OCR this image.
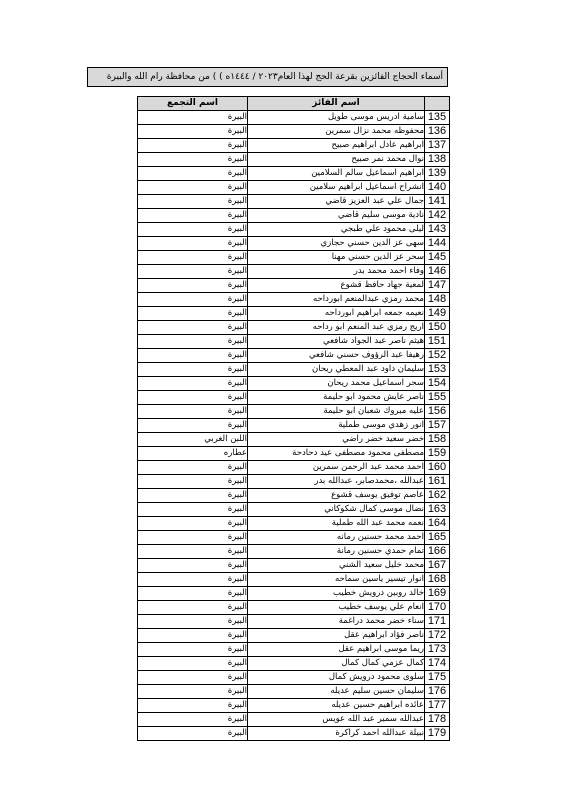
أسماء الحجاج الفائزين بقرعة الحج لهذا العام٢٠٢٣ / ١٤٤٤ه ) ) من محافظة رام الله والبيرة
	اسم الفائز	اسم التجمع
135	سامية ادريس موسى طويل	البيرة
136	محفوظه محمد نزال سمرين	البيرة
137	ابراهيم عادل ابراهيم صبيح	البيرة
138	نوال محمد نمر صبيح	البيرة
139	ابراهيم اسماعيل سالم السلامين	البيرة
140	انشراح اسماعيل ابراهيم سلامين	البيرة
141	جمال علي عبد العزيز قاضي	البيرة
142	نادية موسى سليم قاضي	البيرة
143	ليلى محمود علي طبجي	البيرة
144	سهى عز الدين حسني حجازي	البيرة
145	سحر عز الدين حسني مهنا	البيرة
146	وفاء احمد محمد بدر	البيرة
147	لمعية جهاد حافظ قشوع	البيرة
148	محمد رمزي عبدالمنعم ابورداحه	البيرة
149	نعيمه جمعه ابراهيم ابورداحه	البيرة
150	اريج رمزي عبد المنعم ابو رداحه	البيرة
151	هيثم ناصر عبد الجواد شافعي	البيرة
152	رهيفا عبد الرؤوف حسني شافعي	البيرة
153	سليمان داود عبد المعطي ريحان	البيرة
154	سحر اسماعيل محمد ريحان	البيرة
155	ناصر عايش محمود ابو حليمة	البيرة
156	عليه مبروك شعبان ابو حليمة	البيرة
157	انور زهدي موسى طملية	البيرة
158	خضر سعيد خضر راضي	اللبن الغربي
159	مصطفى محمود مصطفى عيد دحادحة	عطاره
160	احمد محمد عبد الرحمن سمرين	البيرة
161	عبدالله ،محمدصابر، عبدالله بدر	البيرة
162	عاصم توفيق يوسف قشوع	البيرة
163	نضال موسى كمال شكوكاني	البيرة
164	نعمه محمد عبد الله طملية	البيرة
165	احمد محمد حسنين رمانه	البيرة
166	تمام حمدي حسنين رمانة	البيرة
167	محمد خليل سعيد الشني	البيرة
168	انوار تيسير ياسين سماحه	البيرة
169	خالد روبين درويش خطيب	البيرة
170	انعام علي يوسف خطيب	البيرة
171	سناء خضر محمد دراغمة	البيرة
172	ناصر فؤاد ابراهيم عقل	البيرة
173	ريما موسى ابراهيم عقل	البيرة
174	كمال عزمي كمال كمال	البيرة
175	سلوى محمود درويش كمال	البيرة
176	سليمان حسين سليم عديله	البيرة
177	عائده ابراهيم حسين عديله	البيرة
178	عبدالله سمير عبد الله عويس	البيرة
179	نبيلة عبدالله احمد كراكرة	البيرة
